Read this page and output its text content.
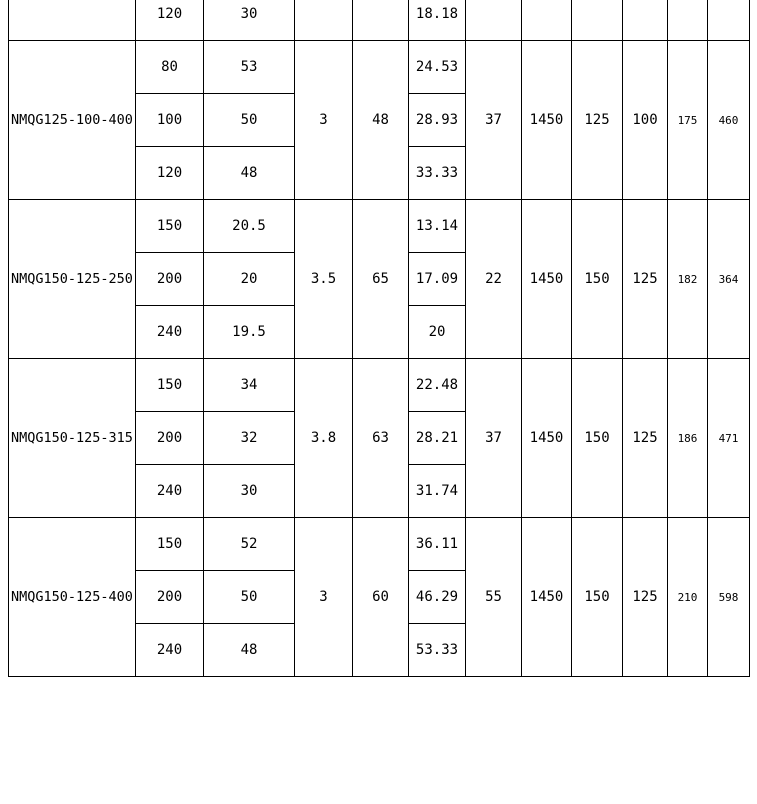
	120	30			18.18						
NMQG125-100-400	80	53	3	48	24.53	37	1450	125	100	175	460
	100	50			28.93						
	120	48			33.33						
NMQG150-125-250	150	20.5	3.5	65	13.14	22	1450	150	125	182	364
	200	20			17.09						
	240	19.5			20						
NMQG150-125-315	150	34	3.8	63	22.48	37	1450	150	125	186	471
	200	32			28.21						
	240	30			31.74						
NMQG150-125-400	150	52	3	60	36.11	55	1450	150	125	210	598
	200	50			46.29						
	240	48			53.33						
